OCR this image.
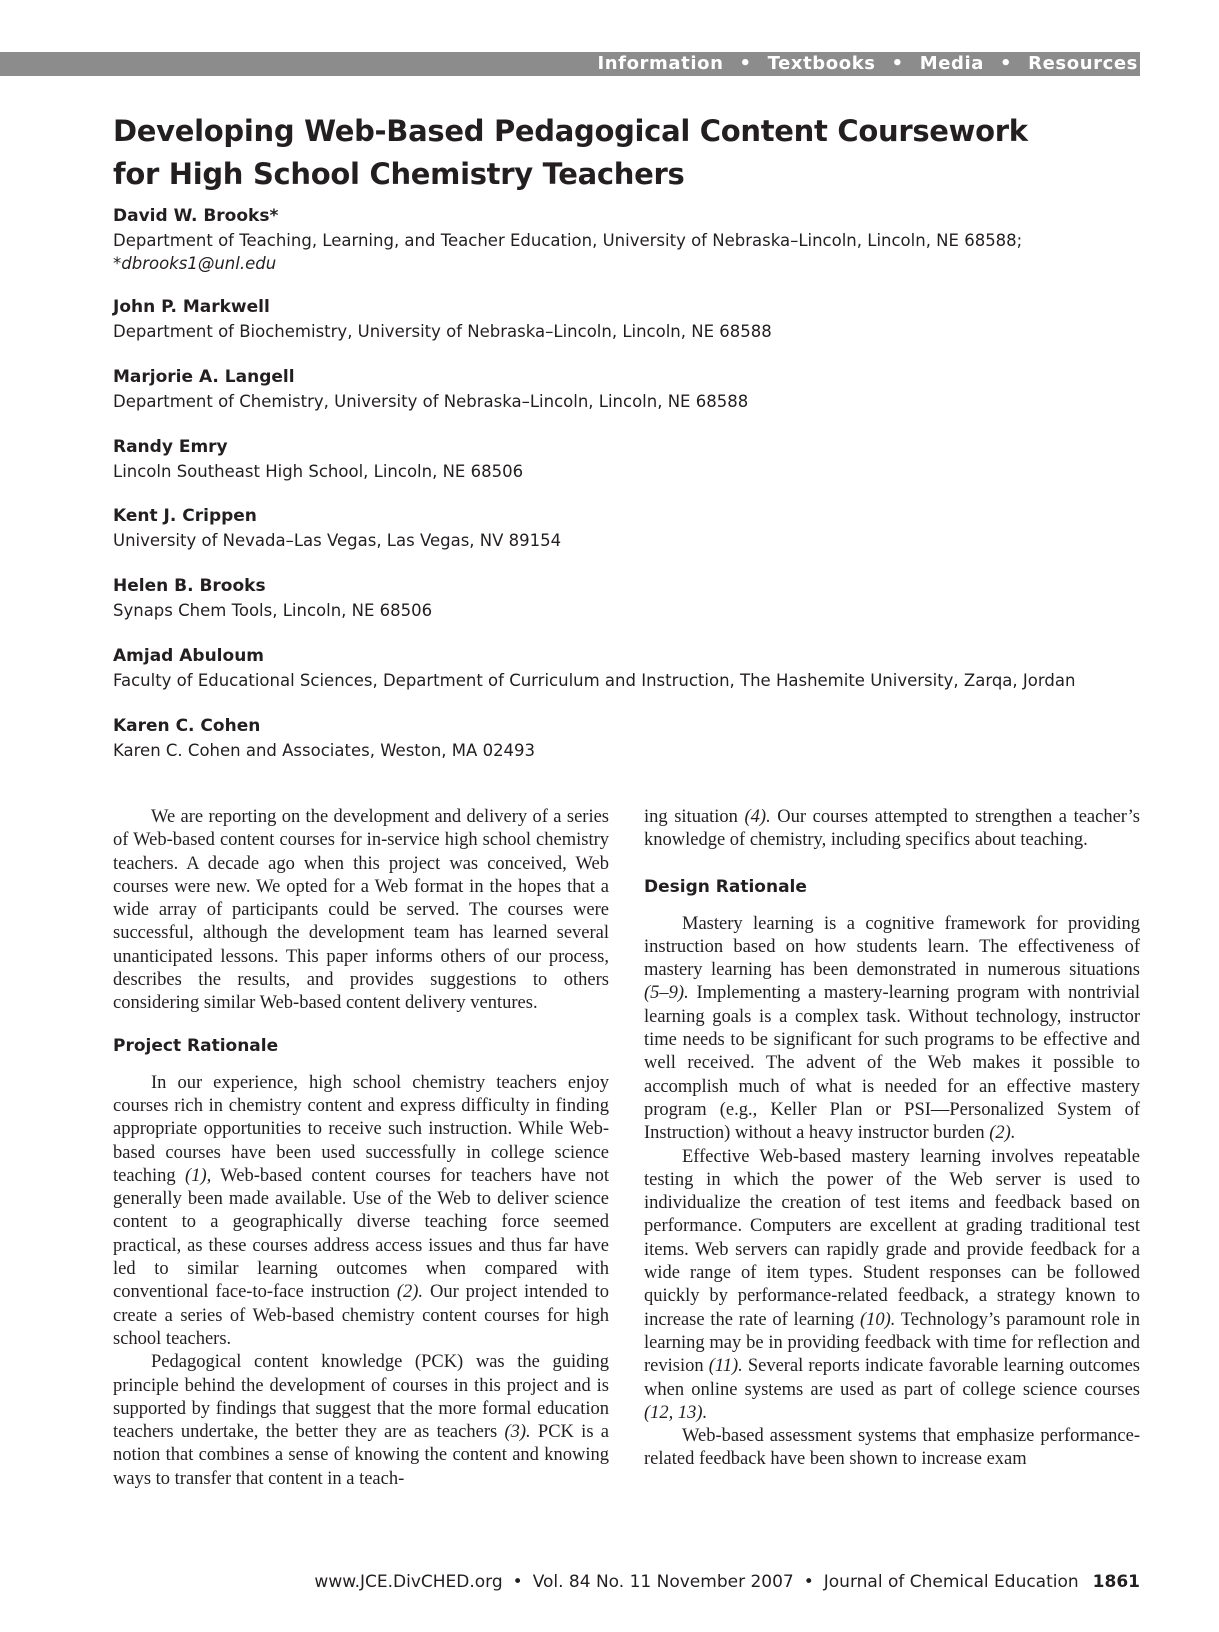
Information • Textbooks • Media • Resources
Developing Web-Based Pedagogical Content Coursework
for High School Chemistry Teachers

David W. Brooks*

Department of Teaching, Learning, and Teacher Education, University of Nebraska–Lincoln, Lincoln, NE 68588;

*dbrooks1@unl.edu

John P. Markwell

Department of Biochemistry, University of Nebraska–Lincoln, Lincoln, NE 68588

Marjorie A. Langell

Department of Chemistry, University of Nebraska–Lincoln, Lincoln, NE 68588

Randy Emry

Lincoln Southeast High School, Lincoln, NE 68506

Kent J. Crippen

University of Nevada–Las Vegas, Las Vegas, NV 89154

Helen B. Brooks

Synaps Chem Tools, Lincoln, NE 68506

Amjad Abuloum

Faculty of Educational Sciences, Department of Curriculum and Instruction, The Hashemite University, Zarqa, Jordan

Karen C. Cohen

Karen C. Cohen and Associates, Weston, MA 02493

We are reporting on the development and delivery of a series of Web-based content courses for in-service high school chemistry teachers. A decade ago when this project was conceived, Web courses were new. We opted for a Web format in the hopes that a wide array of participants could be served. The courses were successful, although the development team has learned several unanticipated lessons. This paper informs others of our process, describes the results, and provides suggestions to others considering similar Web-based content delivery ventures.

Project Rationale

In our experience, high school chemistry teachers enjoy courses rich in chemistry content and express difficulty in finding appropriate opportunities to receive such instruction. While Web-based courses have been used successfully in college science teaching (1), Web-based content courses for teachers have not generally been made available. Use of the Web to deliver science content to a geographically diverse teaching force seemed practical, as these courses address access issues and thus far have led to similar learning outcomes when compared with conventional face-to-face instruction (2). Our project intended to create a series of Web-based chemistry content courses for high school teachers.

Pedagogical content knowledge (PCK) was the guiding principle behind the development of courses in this project and is supported by findings that suggest that the more formal education teachers undertake, the better they are as teachers (3). PCK is a notion that combines a sense of knowing the content and knowing ways to transfer that content in a teach-

ing situation (4). Our courses attempted to strengthen a teacher’s knowledge of chemistry, including specifics about teaching.

Design Rationale

Mastery learning is a cognitive framework for providing instruction based on how students learn. The effectiveness of mastery learning has been demonstrated in numerous situations (5–9). Implementing a mastery-learning program with nontrivial learning goals is a complex task. Without technology, instructor time needs to be significant for such programs to be effective and well received. The advent of the Web makes it possible to accomplish much of what is needed for an effective mastery program (e.g., Keller Plan or PSI—Personalized System of Instruction) without a heavy instructor burden (2).

Effective Web-based mastery learning involves repeatable testing in which the power of the Web server is used to individualize the creation of test items and feedback based on performance. Computers are excellent at grading traditional test items. Web servers can rapidly grade and provide feedback for a wide range of item types. Student responses can be followed quickly by performance-related feedback, a strategy known to increase the rate of learning (10). Technology’s paramount role in learning may be in providing feedback with time for reflection and revision (11). Several reports indicate favorable learning outcomes when online systems are used as part of college science courses (12, 13).

Web-based assessment systems that emphasize performance-related feedback have been shown to increase exam

www.JCE.DivCHED.org • Vol. 84 No. 11 November 2007 • Journal of Chemical Education 1861
